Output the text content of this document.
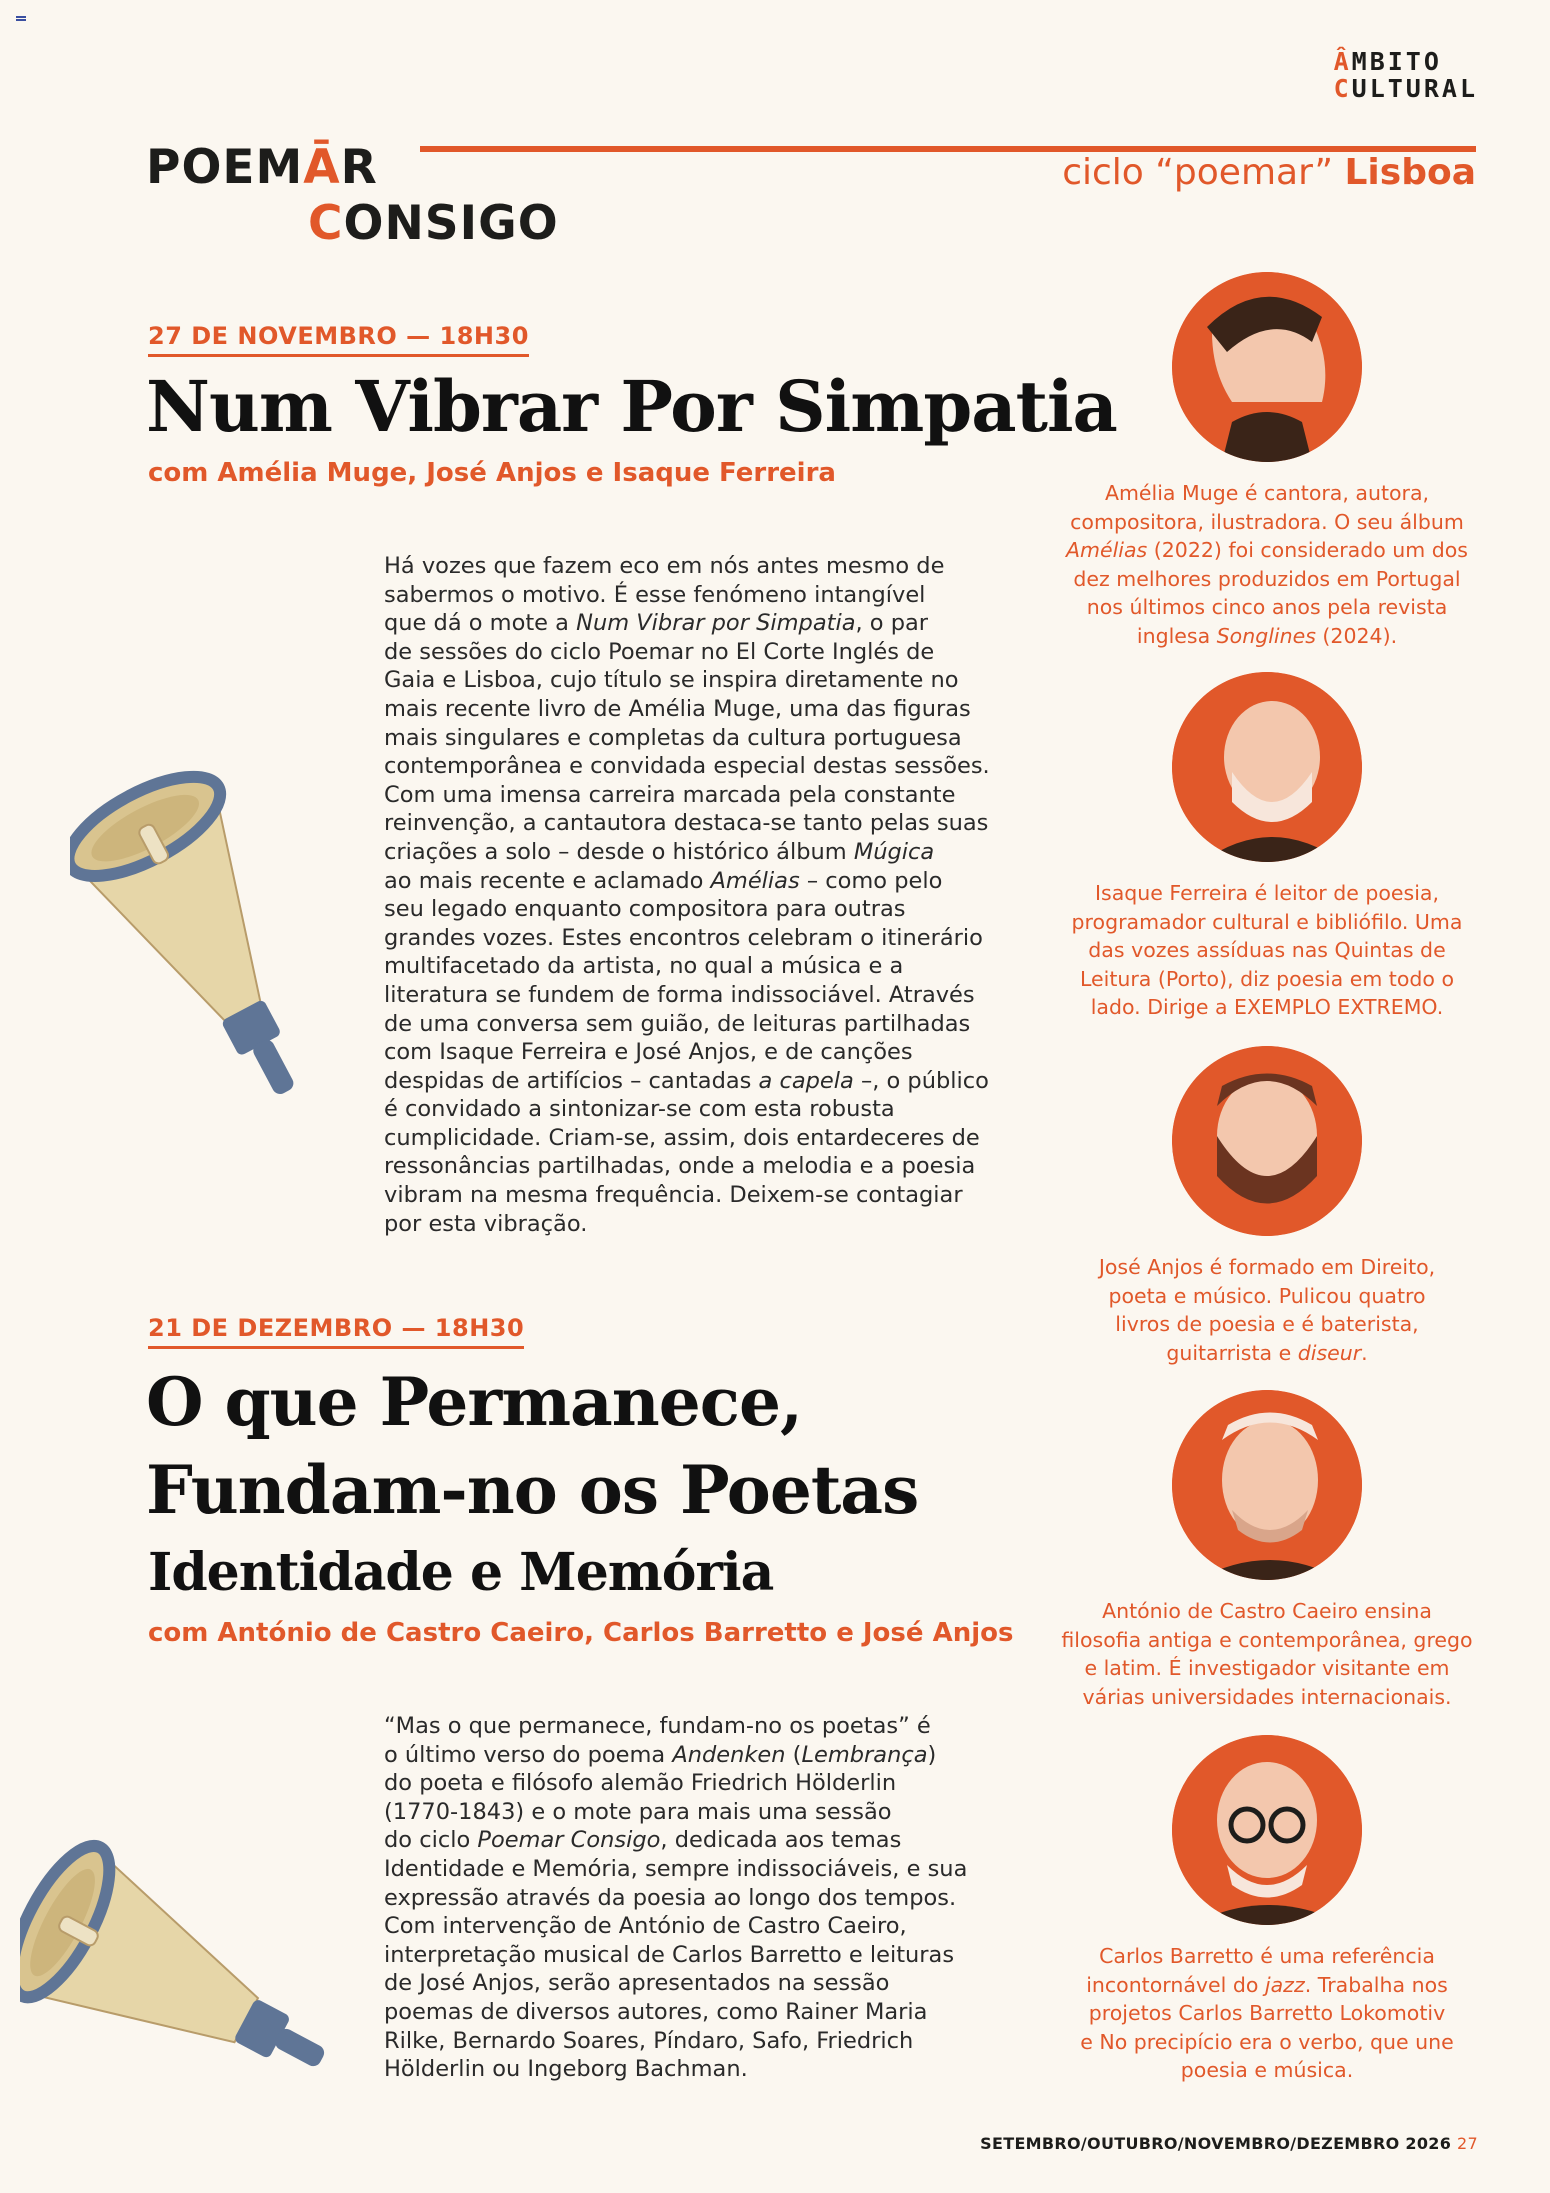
ÂMBITO
CULTURAL
POEMĀR
CONSIGO
ciclo “poemar” Lisboa
27 DE NOVEMBRO — 18H30
Num Vibrar Por Simpatia
com Amélia Muge, José Anjos e Isaque Ferreira
Há vozes que fazem eco em nós antes mesmo de
sabermos o motivo. É esse fenómeno intangível
que dá o mote a Num Vibrar por Simpatia, o par
de sessões do ciclo Poemar no El Corte Inglés de
Gaia e Lisboa, cujo título se inspira diretamente no
mais recente livro de Amélia Muge, uma das figuras
mais singulares e completas da cultura portuguesa
contemporânea e convidada especial destas sessões.
Com uma imensa carreira marcada pela constante
reinvenção, a cantautora destaca-se tanto pelas suas
criações a solo – desde o histórico álbum Múgica
ao mais recente e aclamado Amélias – como pelo
seu legado enquanto compositora para outras
grandes vozes. Estes encontros celebram o itinerário
multifacetado da artista, no qual a música e a
literatura se fundem de forma indissociável. Através
de uma conversa sem guião, de leituras partilhadas
com Isaque Ferreira e José Anjos, e de canções
despidas de artifícios – cantadas a capela –, o público
é convidado a sintonizar-se com esta robusta
cumplicidade. Criam-se, assim, dois entardeceres de
ressonâncias partilhadas, onde a melodia e a poesia
vibram na mesma frequência. Deixem-se contagiar
por esta vibração.
21 DE DEZEMBRO — 18H30
O que Permanece,
Fundam-no os Poetas
Identidade e Memória
com António de Castro Caeiro, Carlos Barretto e José Anjos
“Mas o que permanece, fundam-no os poetas” é
o último verso do poema Andenken (Lembrança)
do poeta e filósofo alemão Friedrich Hölderlin
(1770-1843) e o mote para mais uma sessão
do ciclo Poemar Consigo, dedicada aos temas
Identidade e Memória, sempre indissociáveis, e sua
expressão através da poesia ao longo dos tempos.
Com intervenção de António de Castro Caeiro,
interpretação musical de Carlos Barretto e leituras
de José Anjos, serão apresentados na sessão
poemas de diversos autores, como Rainer Maria
Rilke, Bernardo Soares, Píndaro, Safo, Friedrich
Hölderlin ou Ingeborg Bachman.
Amélia Muge é cantora, autora,
compositora, ilustradora. O seu álbum
Amélias (2022) foi considerado um dos
dez melhores produzidos em Portugal
nos últimos cinco anos pela revista
inglesa Songlines (2024).
Isaque Ferreira é leitor de poesia,
programador cultural e bibliófilo. Uma
das vozes assíduas nas Quintas de
Leitura (Porto), diz poesia em todo o
lado. Dirige a EXEMPLO EXTREMO.
José Anjos é formado em Direito,
poeta e músico. Pulicou quatro
livros de poesia e é baterista,
guitarrista e diseur.
António de Castro Caeiro ensina
filosofia antiga e contemporânea, grego
e latim. É investigador visitante em
várias universidades internacionais.
Carlos Barretto é uma referência
incontornável do jazz. Trabalha nos
projetos Carlos Barretto Lokomotiv
e No precipício era o verbo, que une
poesia e música.
SETEMBRO/OUTUBRO/NOVEMBRO/DEZEMBRO 2026 27
